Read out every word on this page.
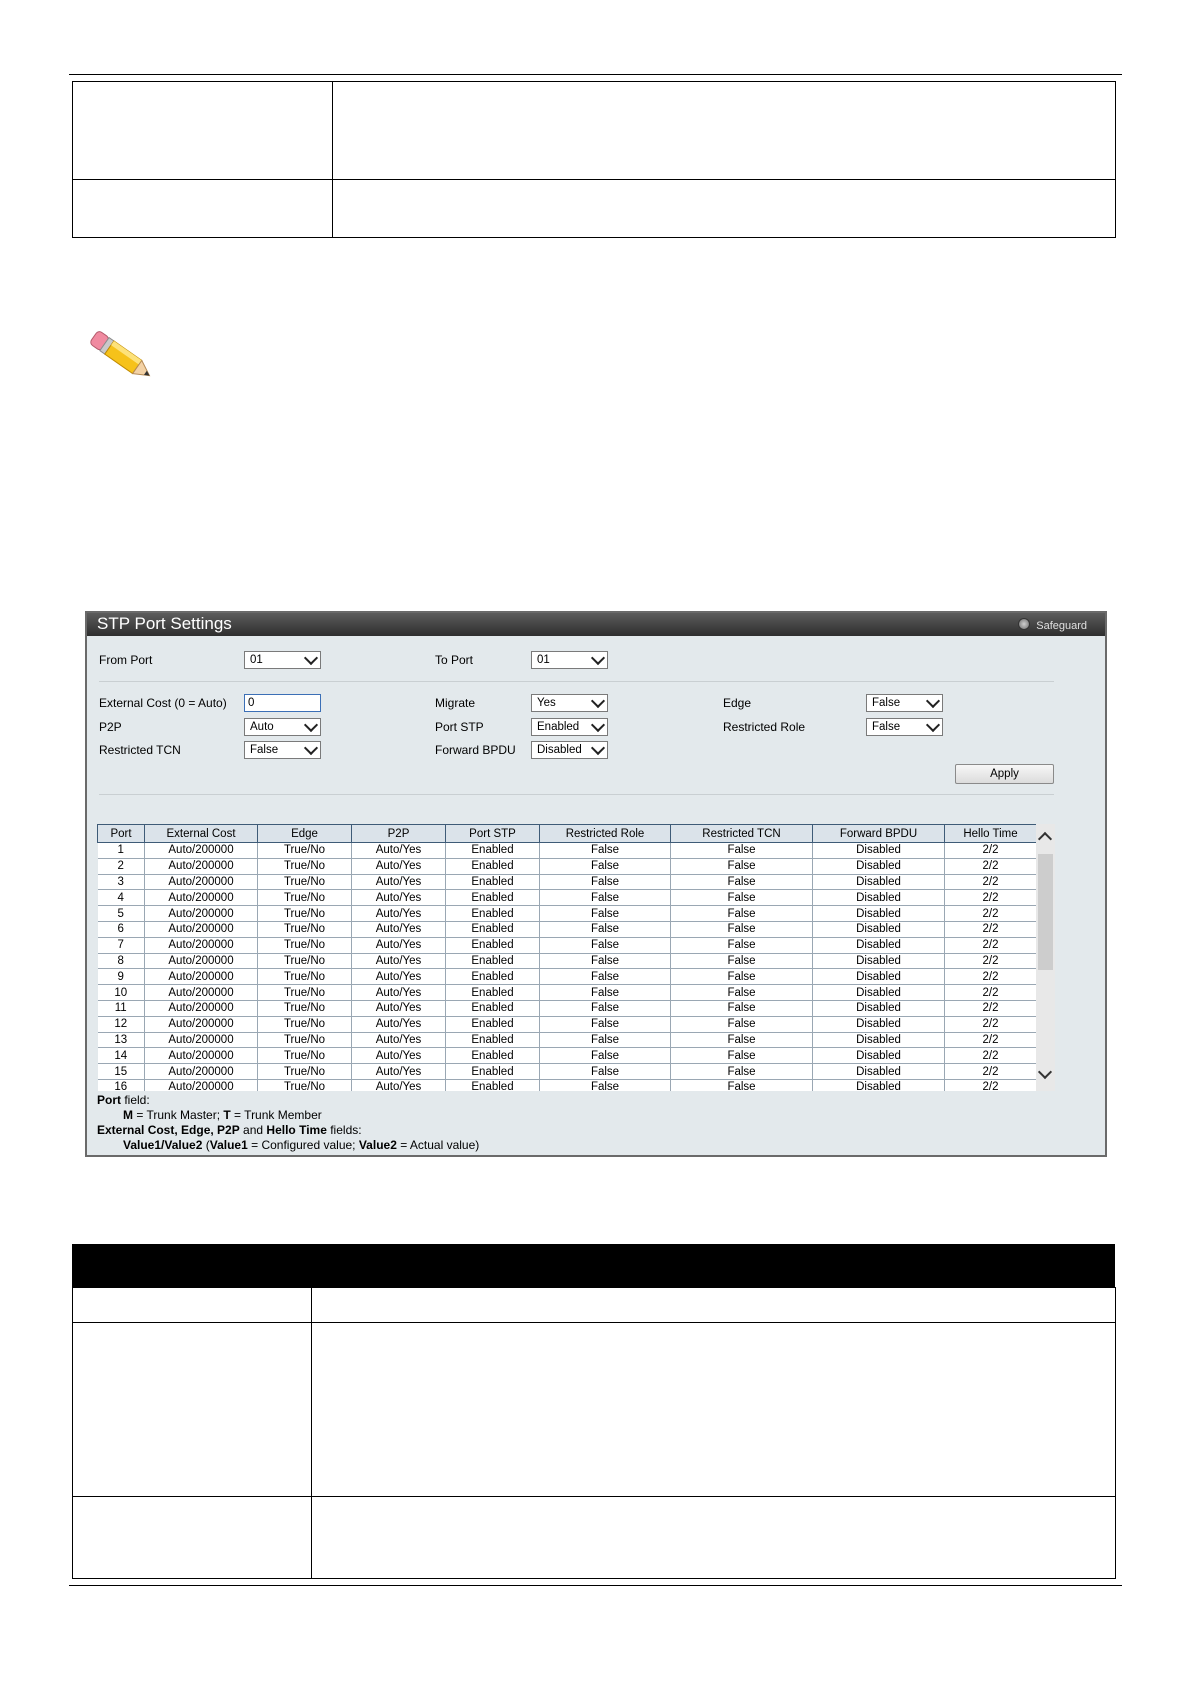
STP Port Settings	Safeguard
From Port	01	To Port	01
External Cost (0 = Auto)	0	Migrate	Yes	Edge	False
P2P	Auto	Port STP	Enabled	Restricted Role	False
Restricted TCN	False	Forward BPDU	Disabled
Apply
Port	External Cost	Edge	P2P	Port STP	Restricted Role	Restricted TCN	Forward BPDU	Hello Time
1	Auto/200000	True/No	Auto/Yes	Enabled	False	False	Disabled	2/2
2	Auto/200000	True/No	Auto/Yes	Enabled	False	False	Disabled	2/2
3	Auto/200000	True/No	Auto/Yes	Enabled	False	False	Disabled	2/2
4	Auto/200000	True/No	Auto/Yes	Enabled	False	False	Disabled	2/2
5	Auto/200000	True/No	Auto/Yes	Enabled	False	False	Disabled	2/2
6	Auto/200000	True/No	Auto/Yes	Enabled	False	False	Disabled	2/2
7	Auto/200000	True/No	Auto/Yes	Enabled	False	False	Disabled	2/2
8	Auto/200000	True/No	Auto/Yes	Enabled	False	False	Disabled	2/2
9	Auto/200000	True/No	Auto/Yes	Enabled	False	False	Disabled	2/2
10	Auto/200000	True/No	Auto/Yes	Enabled	False	False	Disabled	2/2
11	Auto/200000	True/No	Auto/Yes	Enabled	False	False	Disabled	2/2
12	Auto/200000	True/No	Auto/Yes	Enabled	False	False	Disabled	2/2
13	Auto/200000	True/No	Auto/Yes	Enabled	False	False	Disabled	2/2
14	Auto/200000	True/No	Auto/Yes	Enabled	False	False	Disabled	2/2
15	Auto/200000	True/No	Auto/Yes	Enabled	False	False	Disabled	2/2
16	Auto/200000	True/No	Auto/Yes	Enabled	False	False	Disabled	2/2
Port field:
M = Trunk Master; T = Trunk Member
External Cost, Edge, P2P and Hello Time fields:
Value1/Value2 (Value1 = Configured value; Value2 = Actual value)
